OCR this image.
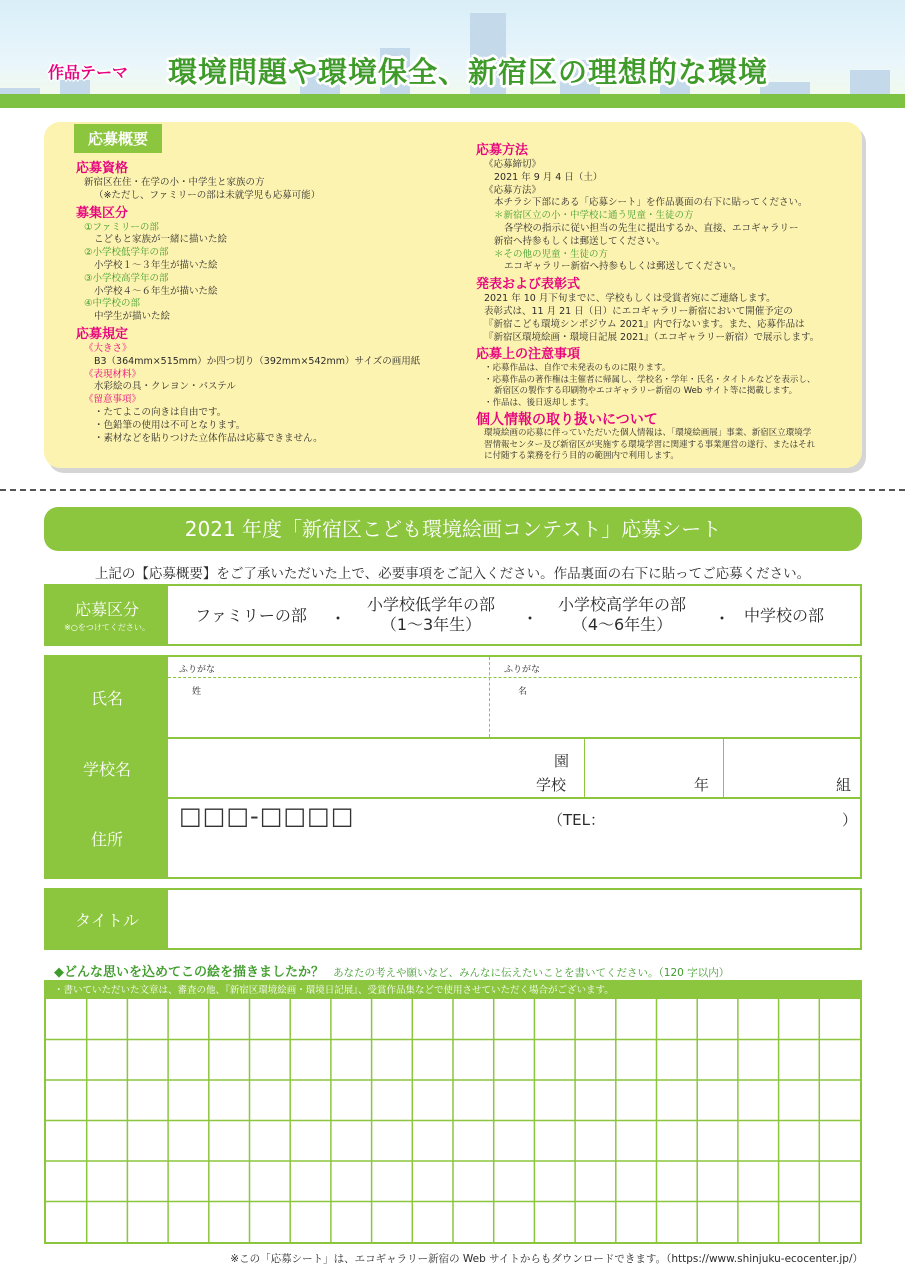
作品テーマ 環境問題や環境保全、新宿区の理想的な環境
応募概要
応募資格
新宿区在住・在学の小・中学生と家族の方
（※ただし、ファミリーの部は未就学児も応募可能）
募集区分
①ファミリーの部
こどもと家族が一緒に描いた絵
②小学校低学年の部
小学校１～３年生が描いた絵
③小学校高学年の部
小学校４～６年生が描いた絵
④中学校の部
中学生が描いた絵
応募規定
《大きさ》
B3（364mm×515mm）か四つ切り（392mm×542mm）サイズの画用紙
《表現材料》
水彩絵の具・クレヨン・パステル
《留意事項》
・たてよこの向きは自由です。
・色鉛筆の使用は不可となります。
・素材などを貼りつけた立体作品は応募できません。
応募方法
《応募締切》
2021 年 9 月 4 日（土）
《応募方法》
本チラシ下部にある「応募シート」を作品裏面の右下に貼ってください。
＊新宿区立の小・中学校に通う児童・生徒の方
各学校の指示に従い担当の先生に提出するか、直接、エコギャラリー
新宿へ持参もしくは郵送してください。
＊その他の児童・生徒の方
エコギャラリー新宿へ持参もしくは郵送してください。
発表および表彰式
2021 年 10 月下旬までに、学校もしくは受賞者宛にご連絡します。
表彰式は、11 月 21 日（日）にエコギャラリー新宿において開催予定の
『新宿こども環境シンポジウム 2021』内で行ないます。また、応募作品は
『新宿区環境絵画・環境日記展 2021』（エコギャラリー新宿）で展示します。
応募上の注意事項
・応募作品は、自作で未発表のものに限ります。
・応募作品の著作権は主催者に帰属し、学校名・学年・氏名・タイトルなどを表示し、
新宿区の製作する印刷物やエコギャラリー新宿の Web サイト等に掲載します。
・作品は、後日返却します。
個人情報の取り扱いについて
環境絵画の応募に伴っていただいた個人情報は、「環境絵画展」事業、新宿区立環境学
習情報センター及び新宿区が実施する環境学習に関連する事業運営の遂行、またはそれ
に付随する業務を行う目的の範囲内で利用します。
2021 年度「新宿区こども環境絵画コンテスト」応募シート
上記の【応募概要】をご了承いただいた上で、必要事項をご記入ください。作品裏面の右下に貼ってご応募ください。
応募区分
※○をつけてください。
ファミリーの部	・
小学校低学年の部
（1～3年生）	・
小学校高学年の部
（4～6年生）	・ 中学校の部
氏名
ふりがな	ふりがな
姓	名
学校名	園
学校	年	組
住所
□□□-□□□□	（TEL：	）
タイトル
◆どんな思いを込めてこの絵を描きましたか？ あなたの考えや願いなど、みんなに伝えたいことを書いてください。（120 字以内）
・書いていただいた文章は、審査の他、『新宿区環境絵画・環境日記展』、受賞作品集などで使用させていただく場合がございます。
※この「応募シート」は、エコギャラリー新宿の Web サイトからもダウンロードできます。（https://www.shinjuku-ecocenter.jp/）
